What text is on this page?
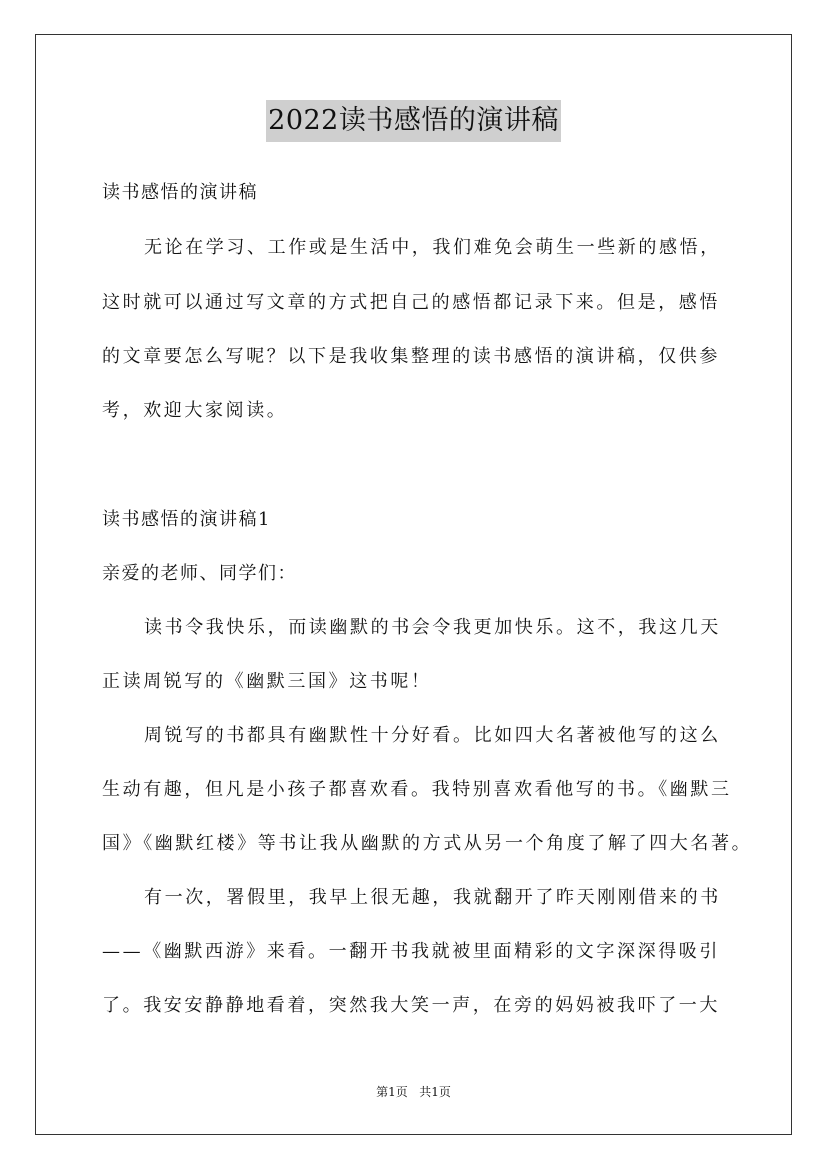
2022读书感悟的演讲稿
读书感悟的演讲稿
无论在学习、工作或是生活中，我们难免会萌生一些新的感悟，
这时就可以通过写文章的方式把自己的感悟都记录下来。但是，感悟
的文章要怎么写呢？以下是我收集整理的读书感悟的演讲稿，仅供参
考，欢迎大家阅读。
读书感悟的演讲稿1
亲爱的老师、同学们：
读书令我快乐，而读幽默的书会令我更加快乐。这不，我这几天
正读周锐写的《幽默三国》这书呢！
周锐写的书都具有幽默性十分好看。比如四大名著被他写的这么
生动有趣，但凡是小孩子都喜欢看。我特别喜欢看他写的书。《幽默三
国》《幽默红楼》等书让我从幽默的方式从另一个角度了解了四大名著。
有一次，署假里，我早上很无趣，我就翻开了昨天刚刚借来的书
——《幽默西游》来看。一翻开书我就被里面精彩的文字深深得吸引
了。我安安静静地看着，突然我大笑一声，在旁的妈妈被我吓了一大
第1页 共1页
